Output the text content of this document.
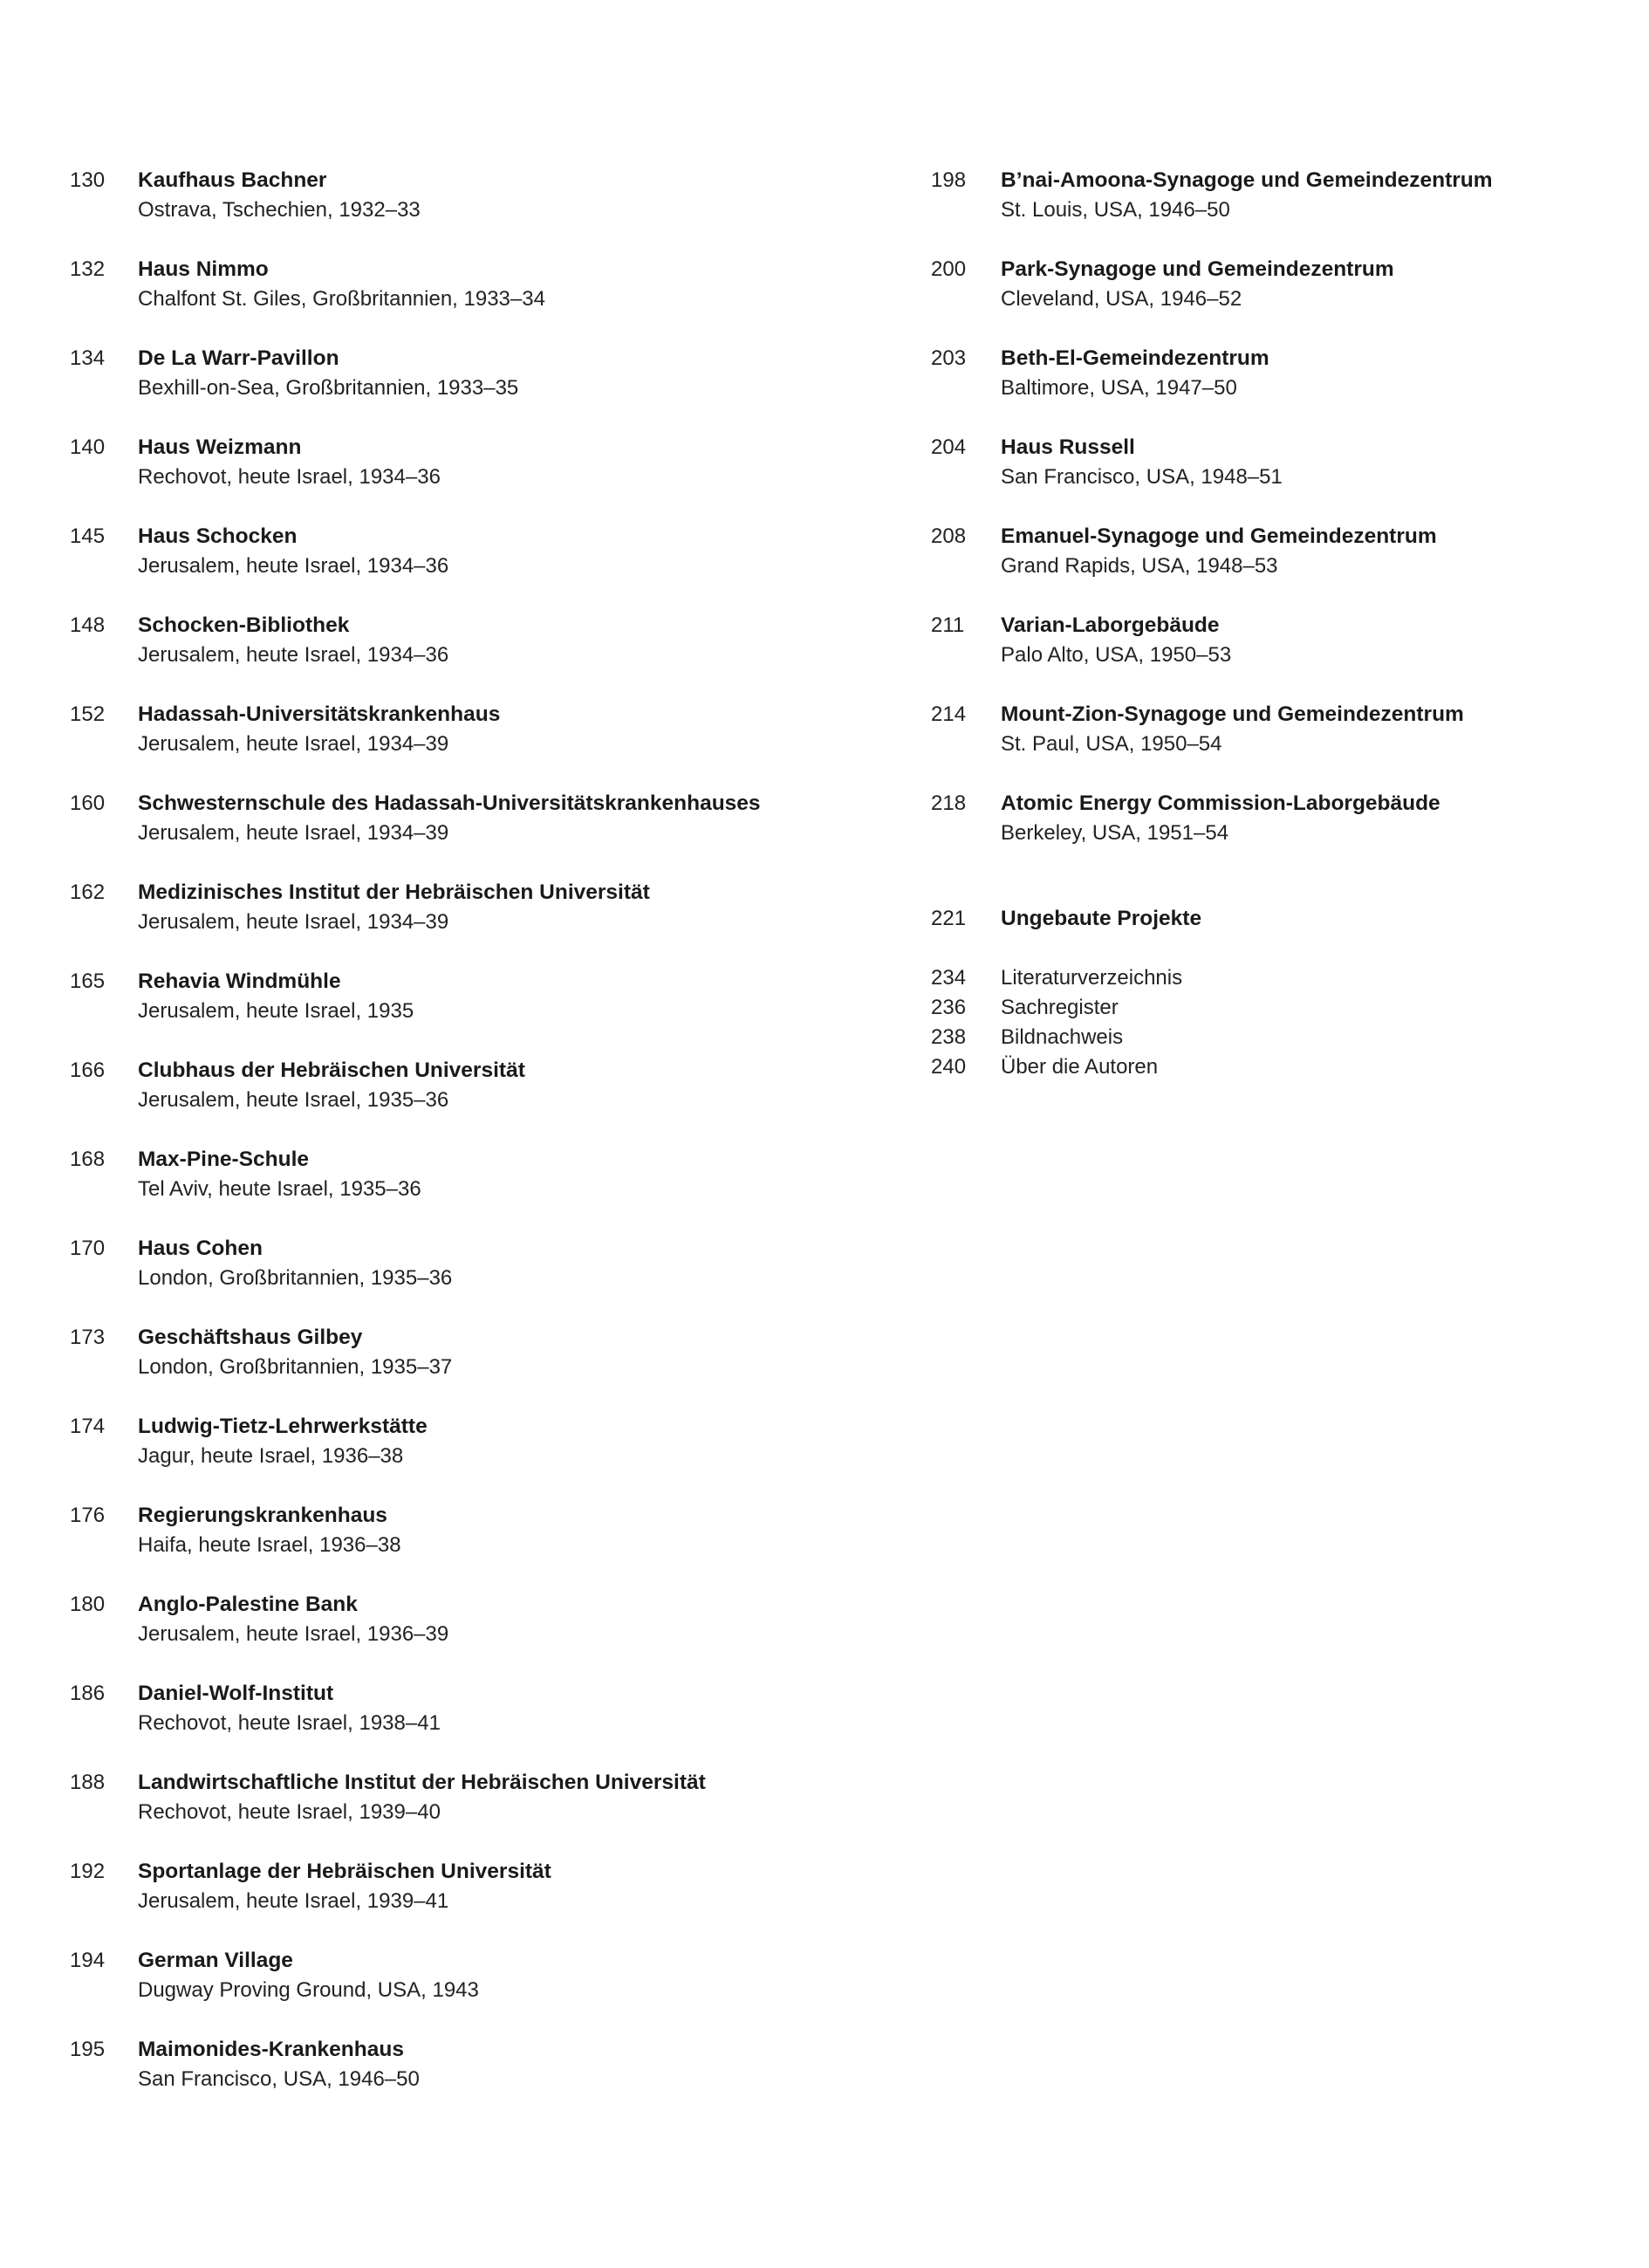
130	Kaufhaus Bachner
Ostrava, Tschechien, 1932–33
132	Haus Nimmo
Chalfont St. Giles, Großbritannien, 1933–34
134	De La Warr-Pavillon
Bexhill-on-Sea, Großbritannien, 1933–35
140	Haus Weizmann
Rechovot, heute Israel, 1934–36
145	Haus Schocken
Jerusalem, heute Israel, 1934–36
148	Schocken-Bibliothek
Jerusalem, heute Israel, 1934–36
152	Hadassah-Universitätskrankenhaus
Jerusalem, heute Israel, 1934–39
160	Schwesternschule des Hadassah-Universitätskrankenhauses
Jerusalem, heute Israel, 1934–39
162	Medizinisches Institut der Hebräischen Universität
Jerusalem, heute Israel, 1934–39
165	Rehavia Windmühle
Jerusalem, heute Israel, 1935
166	Clubhaus der Hebräischen Universität
Jerusalem, heute Israel, 1935–36
168	Max-Pine-Schule
Tel Aviv, heute Israel, 1935–36
170	Haus Cohen
London, Großbritannien, 1935–36
173	Geschäftshaus Gilbey
London, Großbritannien, 1935–37
174	Ludwig-Tietz-Lehrwerkstätte
Jagur, heute Israel, 1936–38
176	Regierungskrankenhaus
Haifa, heute Israel, 1936–38
180	Anglo-Palestine Bank
Jerusalem, heute Israel, 1936–39
186	Daniel-Wolf-Institut
Rechovot, heute Israel, 1938–41
188	Landwirtschaftliche Institut der Hebräischen Universität
Rechovot, heute Israel, 1939–40
192	Sportanlage der Hebräischen Universität
Jerusalem, heute Israel, 1939–41
194	German Village
Dugway Proving Ground, USA, 1943
195	Maimonides-Krankenhaus
San Francisco, USA, 1946–50
198	B’nai-Amoona-Synagoge und Gemeindezentrum
St. Louis, USA, 1946–50
200	Park-Synagoge und Gemeindezentrum
Cleveland, USA, 1946–52
203	Beth-El-Gemeindezentrum
Baltimore, USA, 1947–50
204	Haus Russell
San Francisco, USA, 1948–51
208	Emanuel-Synagoge und Gemeindezentrum
Grand Rapids, USA, 1948–53
211	Varian-Laborgebäude
Palo Alto, USA, 1950–53
214	Mount-Zion-Synagoge und Gemeindezentrum
St. Paul, USA, 1950–54
218	Atomic Energy Commission-Laborgebäude
Berkeley, USA, 1951–54
221 Ungebaute Projekte
234 Literaturverzeichnis
236 Sachregister
238 Bildnachweis
240 Über die Autoren
